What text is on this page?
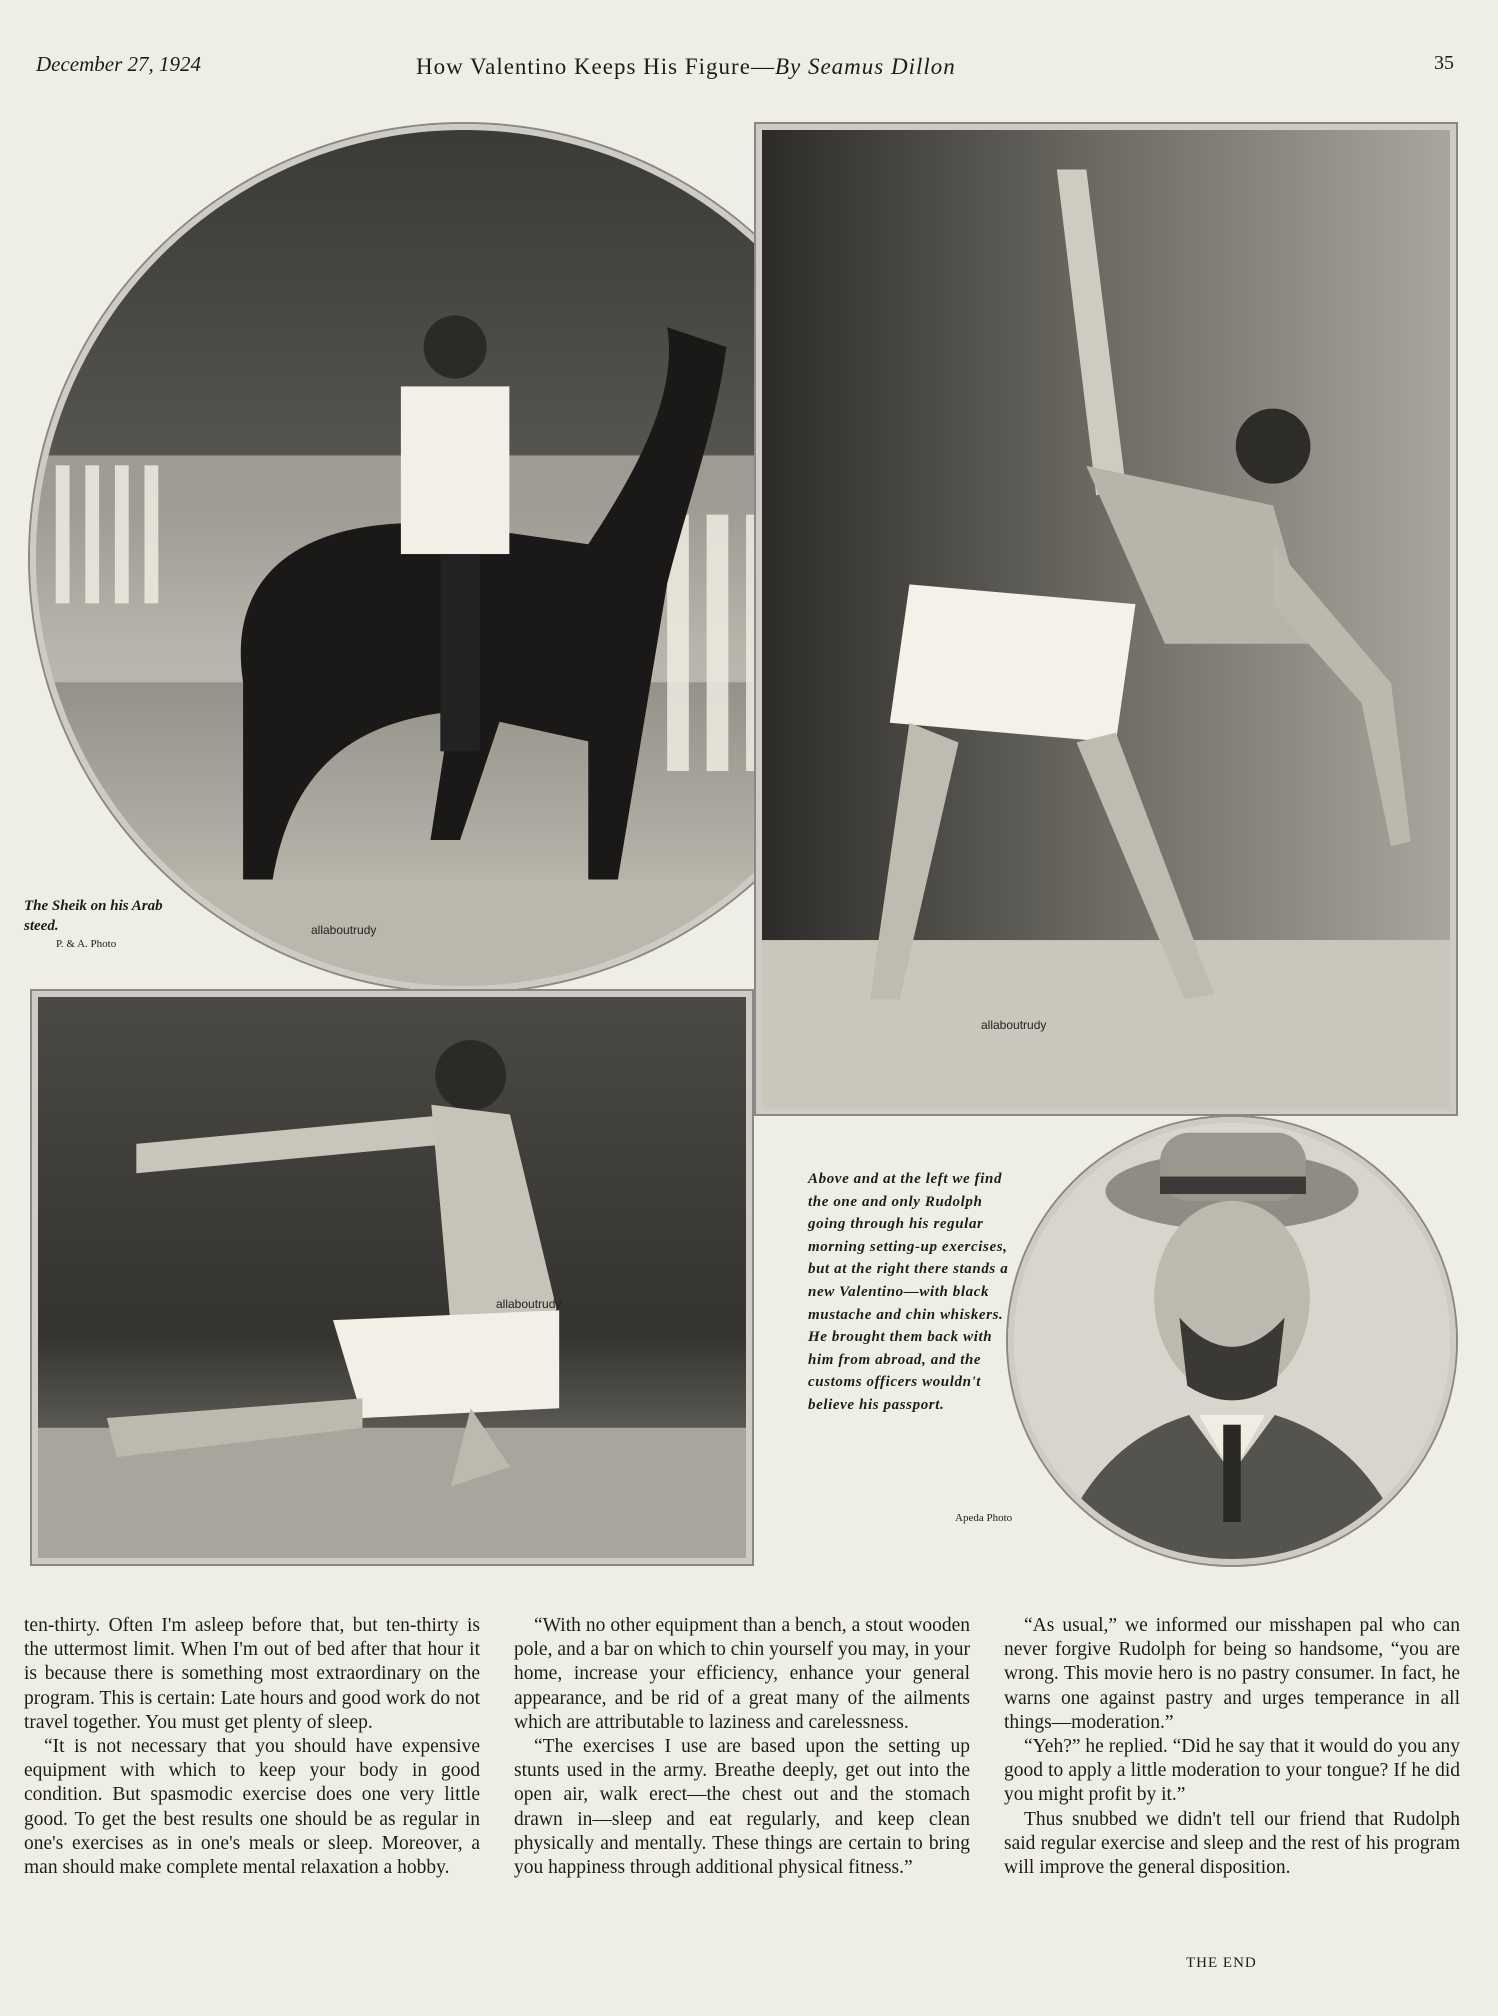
December 27, 1924	How Valentino Keeps His Figure—By Seamus Dillon	35
allaboutrudy
The Sheik on his Arab steed.
P. & A. Photo
allaboutrudy
allaboutrudy
Above and at the left we find the one and only Rudolph going through his regular morning setting-up exercises, but at the right there stands a new Valentino—with black mustache and chin whiskers. He brought them back with him from abroad, and the customs officers wouldn't believe his passport.
Apeda Photo

ten-thirty. Often I'm asleep before that, but ten-thirty is the uttermost limit. When I'm out of bed after that hour it is because there is something most extraordinary on the program. This is certain: Late hours and good work do not travel together. You must get plenty of sleep.

“It is not necessary that you should have expensive equipment with which to keep your body in good condition. But spasmodic exercise does one very little good. To get the best results one should be as regular in one's exercises as in one's meals or sleep. Moreover, a man should make complete mental relaxation a hobby.

“With no other equipment than a bench, a stout wooden pole, and a bar on which to chin yourself you may, in your home, increase your efficiency, enhance your general appearance, and be rid of a great many of the ailments which are attributable to laziness and carelessness.

“The exercises I use are based upon the setting up stunts used in the army. Breathe deeply, get out into the open air, walk erect—the chest out and the stomach drawn in—sleep and eat regularly, and keep clean physically and mentally. These things are certain to bring you happiness through additional physical fitness.”

“As usual,” we informed our misshapen pal who can never forgive Rudolph for being so handsome, “you are wrong. This movie hero is no pastry consumer. In fact, he warns one against pastry and urges temperance in all things—moderation.”

“Yeh?” he replied. “Did he say that it would do you any good to apply a little moderation to your tongue? If he did you might profit by it.”

Thus snubbed we didn't tell our friend that Rudolph said regular exercise and sleep and the rest of his program will improve the general disposition.

THE END
